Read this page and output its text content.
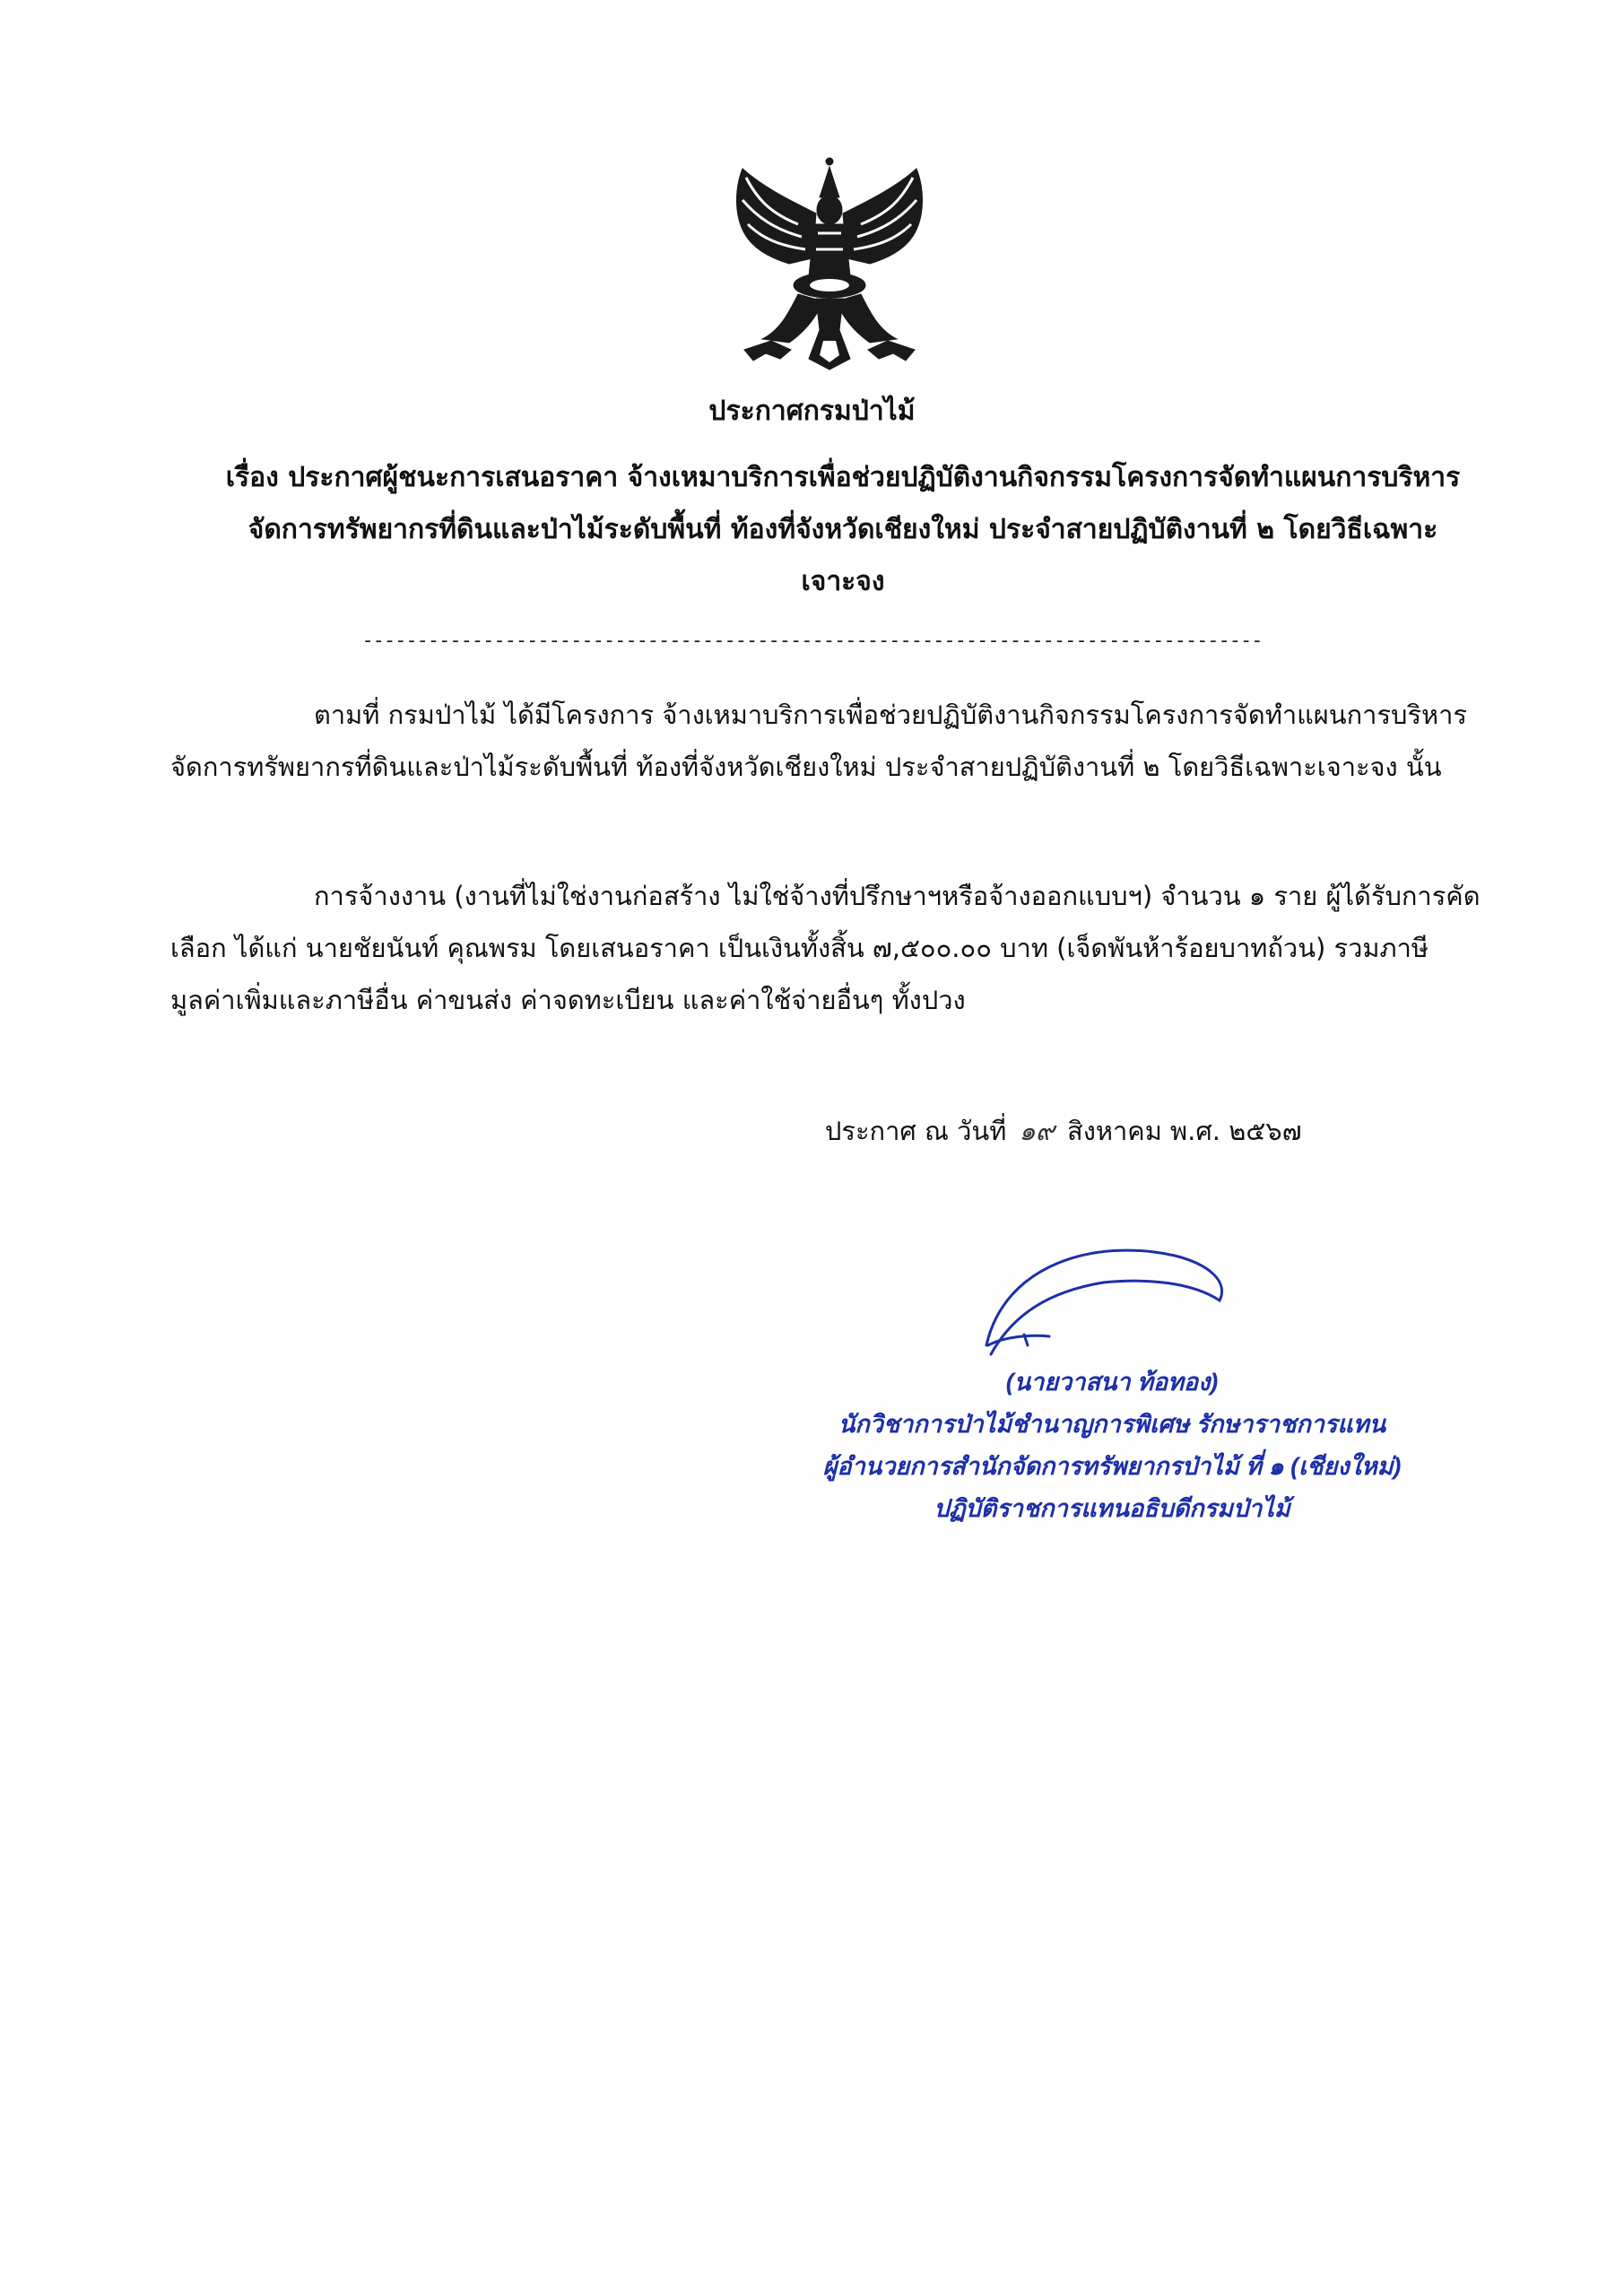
ประกาศกรมป่าไม้
เรื่อง ประกาศผู้ชนะการเสนอราคา จ้างเหมาบริการเพื่อช่วยปฏิบัติงานกิจกรรมโครงการจัดทำแผนการบริหารจัดการทรัพยากรที่ดินและป่าไม้ระดับพื้นที่ ท้องที่จังหวัดเชียงใหม่ ประจำสายปฏิบัติงานที่ ๒ โดยวิธีเฉพาะเจาะจง
----------------------------------------------------------------------------------

ตามที่ กรมป่าไม้ ได้มีโครงการ จ้างเหมาบริการเพื่อช่วยปฏิบัติงานกิจกรรมโครงการจัดทำแผนการบริหารจัดการทรัพยากรที่ดินและป่าไม้ระดับพื้นที่ ท้องที่จังหวัดเชียงใหม่ ประจำสายปฏิบัติงานที่ ๒ โดยวิธีเฉพาะเจาะจง นั้น

การจ้างงาน (งานที่ไม่ใช่งานก่อสร้าง ไม่ใช่จ้างที่ปรึกษาฯหรือจ้างออกแบบฯ) จำนวน ๑ ราย ผู้ได้รับการคัดเลือก ได้แก่ นายชัยนันท์ คุณพรม โดยเสนอราคา เป็นเงินทั้งสิ้น ๗,๕๐๐.๐๐ บาท (เจ็ดพันห้าร้อยบาทถ้วน) รวมภาษีมูลค่าเพิ่มและภาษีอื่น ค่าขนส่ง ค่าจดทะเบียน และค่าใช้จ่ายอื่นๆ ทั้งปวง

ประกาศ ณ วันที่ ๑๙ สิงหาคม พ.ศ. ๒๕๖๗
(นายวาสนา ท้อทอง)
นักวิชาการป่าไม้ชำนาญการพิเศษ รักษาราชการแทน
ผู้อำนวยการสำนักจัดการทรัพยากรป่าไม้ ที่ ๑ (เชียงใหม่)
ปฏิบัติราชการแทนอธิบดีกรมป่าไม้
